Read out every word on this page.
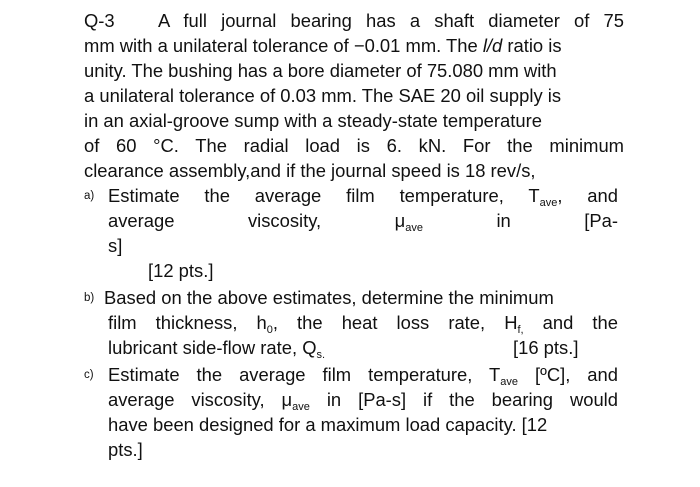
Q-3 A full journal bearing has a shaft diameter of 75
mm with a unilateral tolerance of −0.01 mm. The l/d ratio is
unity. The bushing has a bore diameter of 75.080 mm with
a unilateral tolerance of 0.03 mm. The SAE 20 oil supply is
in an axial-groove sump with a steady-state temperature
of 60 °C. The radial load is 6. kN. For the minimum
clearance assembly,and if the journal speed is 18 rev/s,
a) Estimate the average film temperature, $T_{ave}$, and
average	viscosity,	$\mu_{ave}$	in	[Pa-
s]
[12 pts.]
b) Based on the above estimates, determine the minimum
film thickness, $h_0$, the heat loss rate, $H_{f,}$ and the
lubricant side-flow rate, $Q_{s.}$	[16 pts.]
c) Estimate the average film temperature, $T_{ave}$ [ºC], and
average viscosity, $\mu_{ave}$ in [Pa-s] if the bearing would
have been designed for a maximum load capacity. [12
pts.]
